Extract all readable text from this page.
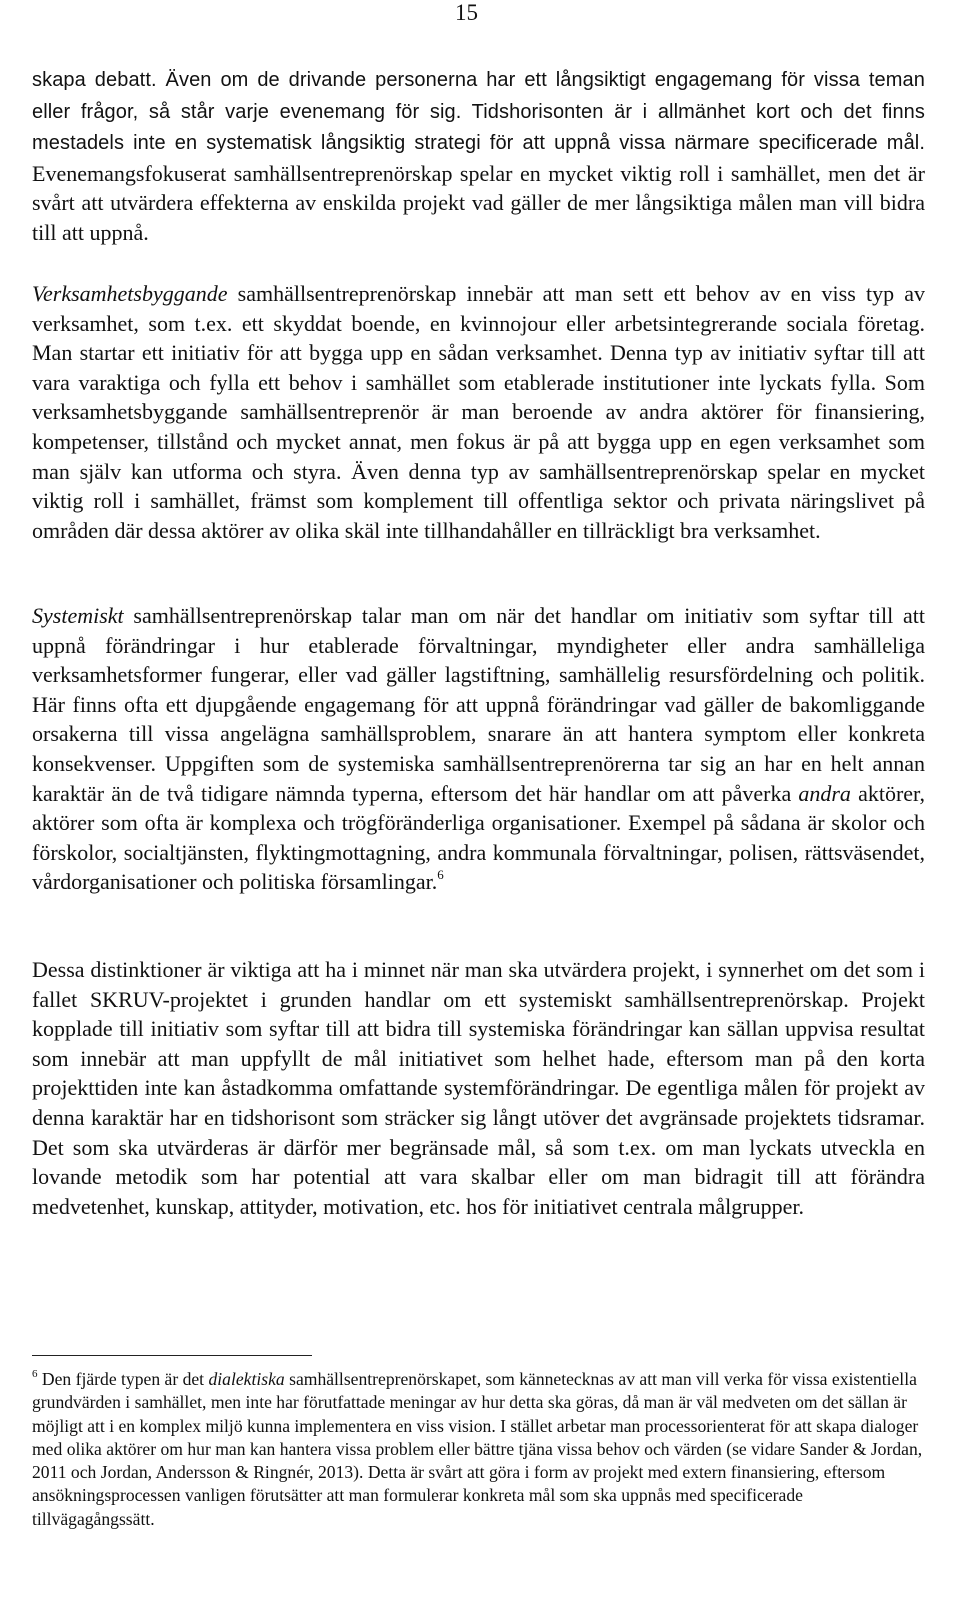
15

skapa debatt. Även om de drivande personerna har ett långsiktigt engagemang för vissa teman eller frågor, så står varje evenemang för sig. Tidshorisonten är i allmänhet kort och det finns mestadels inte en systematisk långsiktig strategi för att uppnå vissa närmare specificerade mål. Evenemangsfokuserat samhällsentreprenörskap spelar en mycket viktig roll i samhället, men det är svårt att utvärdera effekterna av enskilda projekt vad gäller de mer långsiktiga målen man vill bidra till att uppnå.

Verksamhetsbyggande samhällsentreprenörskap innebär att man sett ett behov av en viss typ av verksamhet, som t.ex. ett skyddat boende, en kvinnojour eller arbetsintegrerande sociala företag. Man startar ett initiativ för att bygga upp en sådan verksamhet. Denna typ av initiativ syftar till att vara varaktiga och fylla ett behov i samhället som etablerade institutioner inte lyckats fylla. Som verksamhetsbyggande samhällsentreprenör är man beroende av andra aktörer för finansiering, kompetenser, tillstånd och mycket annat, men fokus är på att bygga upp en egen verksamhet som man själv kan utforma och styra. Även denna typ av samhällsentreprenörskap spelar en mycket viktig roll i samhället, främst som komplement till offentliga sektor och privata näringslivet på områden där dessa aktörer av olika skäl inte tillhandahåller en tillräckligt bra verksamhet.

Systemiskt samhällsentreprenörskap talar man om när det handlar om initiativ som syftar till att uppnå förändringar i hur etablerade förvaltningar, myndigheter eller andra samhälleliga verksamhetsformer fungerar, eller vad gäller lagstiftning, samhällelig resursfördelning och politik. Här finns ofta ett djupgående engagemang för att uppnå förändringar vad gäller de bakomliggande orsakerna till vissa angelägna samhällsproblem, snarare än att hantera symptom eller konkreta konsekvenser. Uppgiften som de systemiska samhällsentreprenörerna tar sig an har en helt annan karaktär än de två tidigare nämnda typerna, eftersom det här handlar om att påverka andra aktörer, aktörer som ofta är komplexa och trögföränderliga organisationer. Exempel på sådana är skolor och förskolor, socialtjänsten, flyktingmottagning, andra kommunala förvaltningar, polisen, rättsväsendet, vårdorganisationer och politiska församlingar.$^6$

Dessa distinktioner är viktiga att ha i minnet när man ska utvärdera projekt, i synnerhet om det som i fallet SKRUV-projektet i grunden handlar om ett systemiskt samhällsentreprenörskap. Projekt kopplade till initiativ som syftar till att bidra till systemiska förändringar kan sällan uppvisa resultat som innebär att man uppfyllt de mål initiativet som helhet hade, eftersom man på den korta projekttiden inte kan åstadkomma omfattande systemförändringar. De egentliga målen för projekt av denna karaktär har en tidshorisont som sträcker sig långt utöver det avgränsade projektets tidsramar. Det som ska utvärderas är därför mer begränsade mål, så som t.ex. om man lyckats utveckla en lovande metodik som har potential att vara skalbar eller om man bidragit till att förändra medvetenhet, kunskap, attityder, motivation, etc. hos för initiativet centrala målgrupper.

$^6$ Den fjärde typen är det dialektiska samhällsentreprenörskapet, som kännetecknas av att man vill verka för vissa existentiella grundvärden i samhället, men inte har förutfattade meningar av hur detta ska göras, då man är väl medveten om det sällan är möjligt att i en komplex miljö kunna implementera en viss vision. I stället arbetar man processorienterat för att skapa dialoger med olika aktörer om hur man kan hantera vissa problem eller bättre tjäna vissa behov och värden (se vidare Sander & Jordan, 2011 och Jordan, Andersson & Ringnér, 2013). Detta är svårt att göra i form av projekt med extern finansiering, eftersom ansökningsprocessen vanligen förutsätter att man formulerar konkreta mål som ska uppnås med specificerade tillvägagångssätt.
